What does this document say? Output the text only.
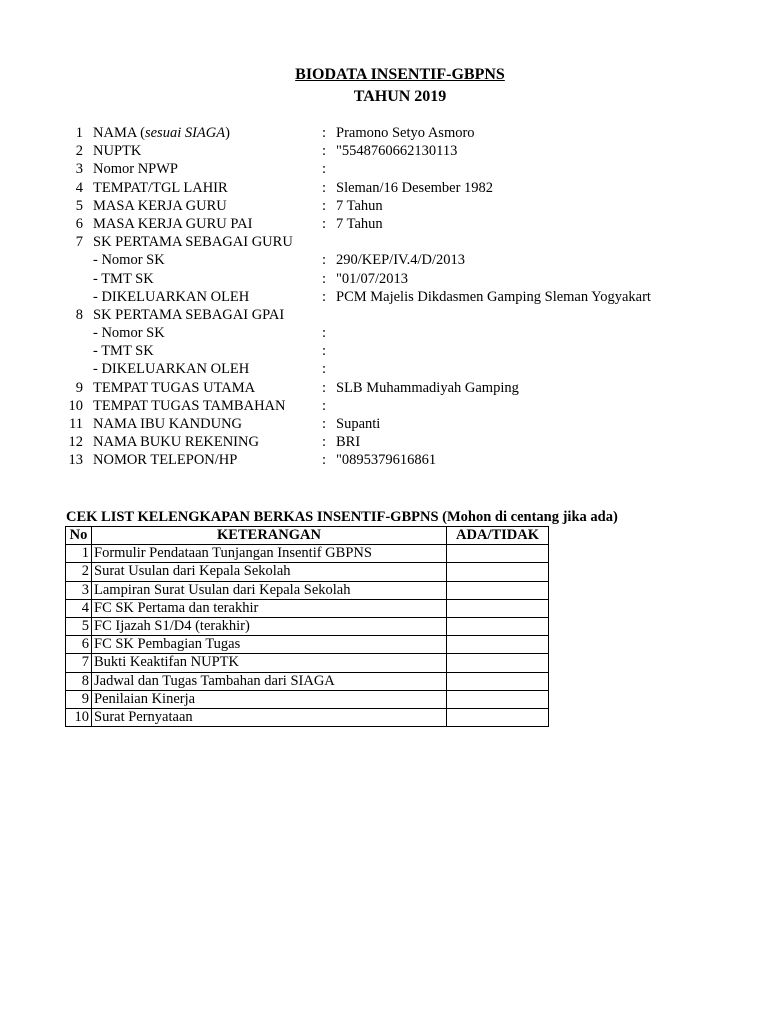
BIODATA INSENTIF-GBPNS
TAHUN 2019
1 NAMA (sesuai SIAGA)	: Pramono Setyo Asmoro
2 NUPTK	: "5548760662130113
3 Nomor NPWP	:
4 TEMPAT/TGL LAHIR	: Sleman/16 Desember 1982
5 MASA KERJA GURU	: 7 Tahun
6 MASA KERJA GURU PAI	: 7 Tahun
7 SK PERTAMA SEBAGAI GURU
- Nomor SK	: 290/KEP/IV.4/D/2013
- TMT SK	: "01/07/2013
- DIKELUARKAN OLEH	: PCM Majelis Dikdasmen Gamping Sleman Yogyakart
8 SK PERTAMA SEBAGAI GPAI
- Nomor SK	:
- TMT SK	:
- DIKELUARKAN OLEH	:
9 TEMPAT TUGAS UTAMA	: SLB Muhammadiyah Gamping
10 TEMPAT TUGAS TAMBAHAN	:
11 NAMA IBU KANDUNG	: Supanti
12 NAMA BUKU REKENING	: BRI
13 NOMOR TELEPON/HP	: "0895379616861
CEK LIST KELENGKAPAN BERKAS INSENTIF-GBPNS (Mohon di centang jika ada)
No	KETERANGAN	ADA/TIDAK
1	Formulir Pendataan Tunjangan Insentif GBPNS	
2	Surat Usulan dari Kepala Sekolah	
3	Lampiran Surat Usulan dari Kepala Sekolah	
4	FC SK Pertama dan terakhir	
5	FC Ijazah S1/D4 (terakhir)	
6	FC SK Pembagian Tugas	
7	Bukti Keaktifan NUPTK	
8	Jadwal dan Tugas Tambahan dari SIAGA	
9	Penilaian Kinerja	
10	Surat Pernyataan	
